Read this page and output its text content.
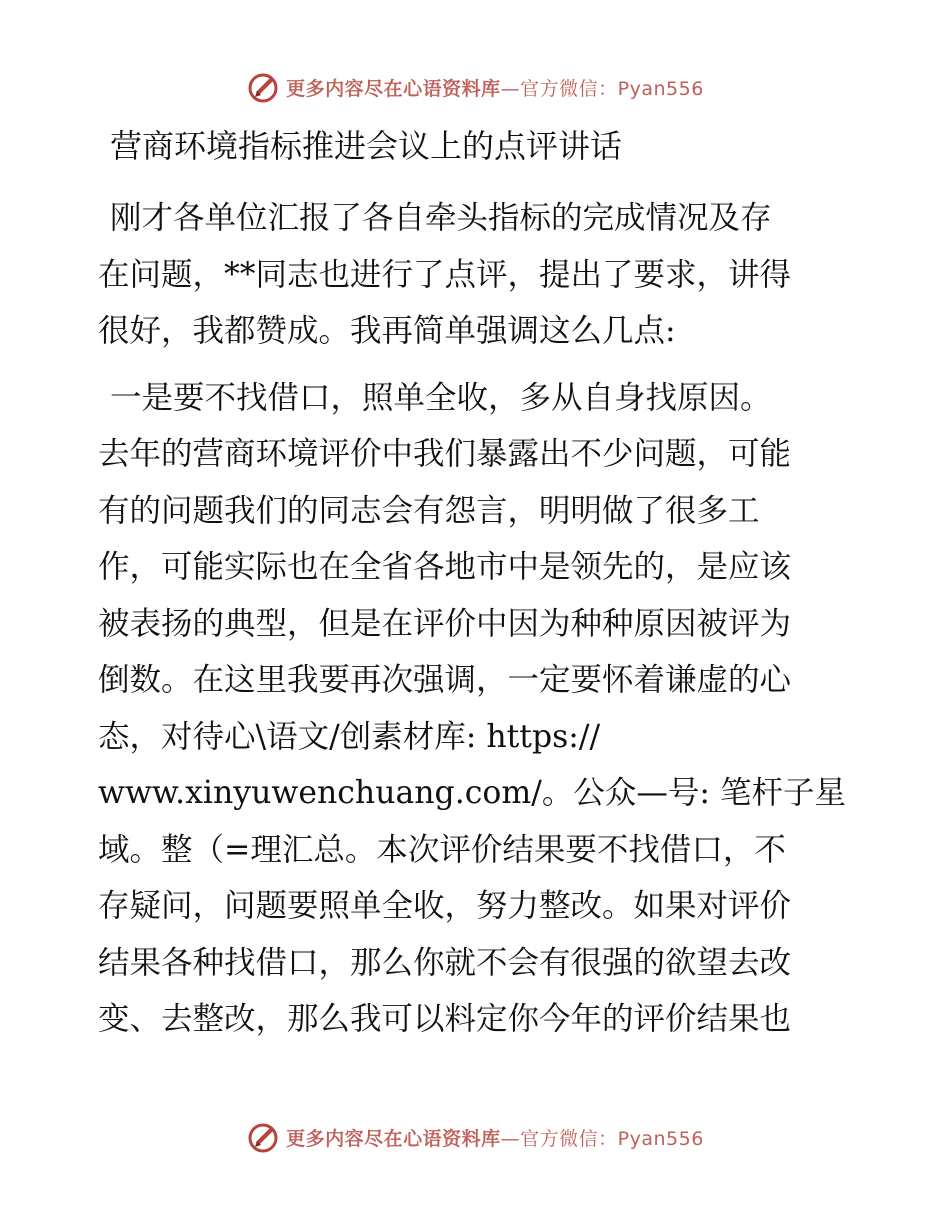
更多内容尽在心语资料库—官方微信：Pyan556
营商环境指标推进会议上的点评讲话
刚才各单位汇报了各自牵头指标的完成情况及存
在问题，**同志也进行了点评，提出了要求，讲得
很好，我都赞成。我再简单强调这么几点:
一是要不找借口，照单全收，多从自身找原因。
去年的营商环境评价中我们暴露出不少问题，可能
有的问题我们的同志会有怨言，明明做了很多工
作，可能实际也在全省各地市中是领先的，是应该
被表扬的典型，但是在评价中因为种种原因被评为
倒数。在这里我要再次强调，一定要怀着谦虚的心
态，对待心\语文/创素材库: https://
www.xinyuwenchuang.com/。公众—号: 笔杆子星
域。整（=理汇总。本次评价结果要不找借口，不
存疑问，问题要照单全收，努力整改。如果对评价
结果各种找借口，那么你就不会有很强的欲望去改
变、去整改，那么我可以料定你今年的评价结果也
更多内容尽在心语资料库—官方微信：Pyan556
